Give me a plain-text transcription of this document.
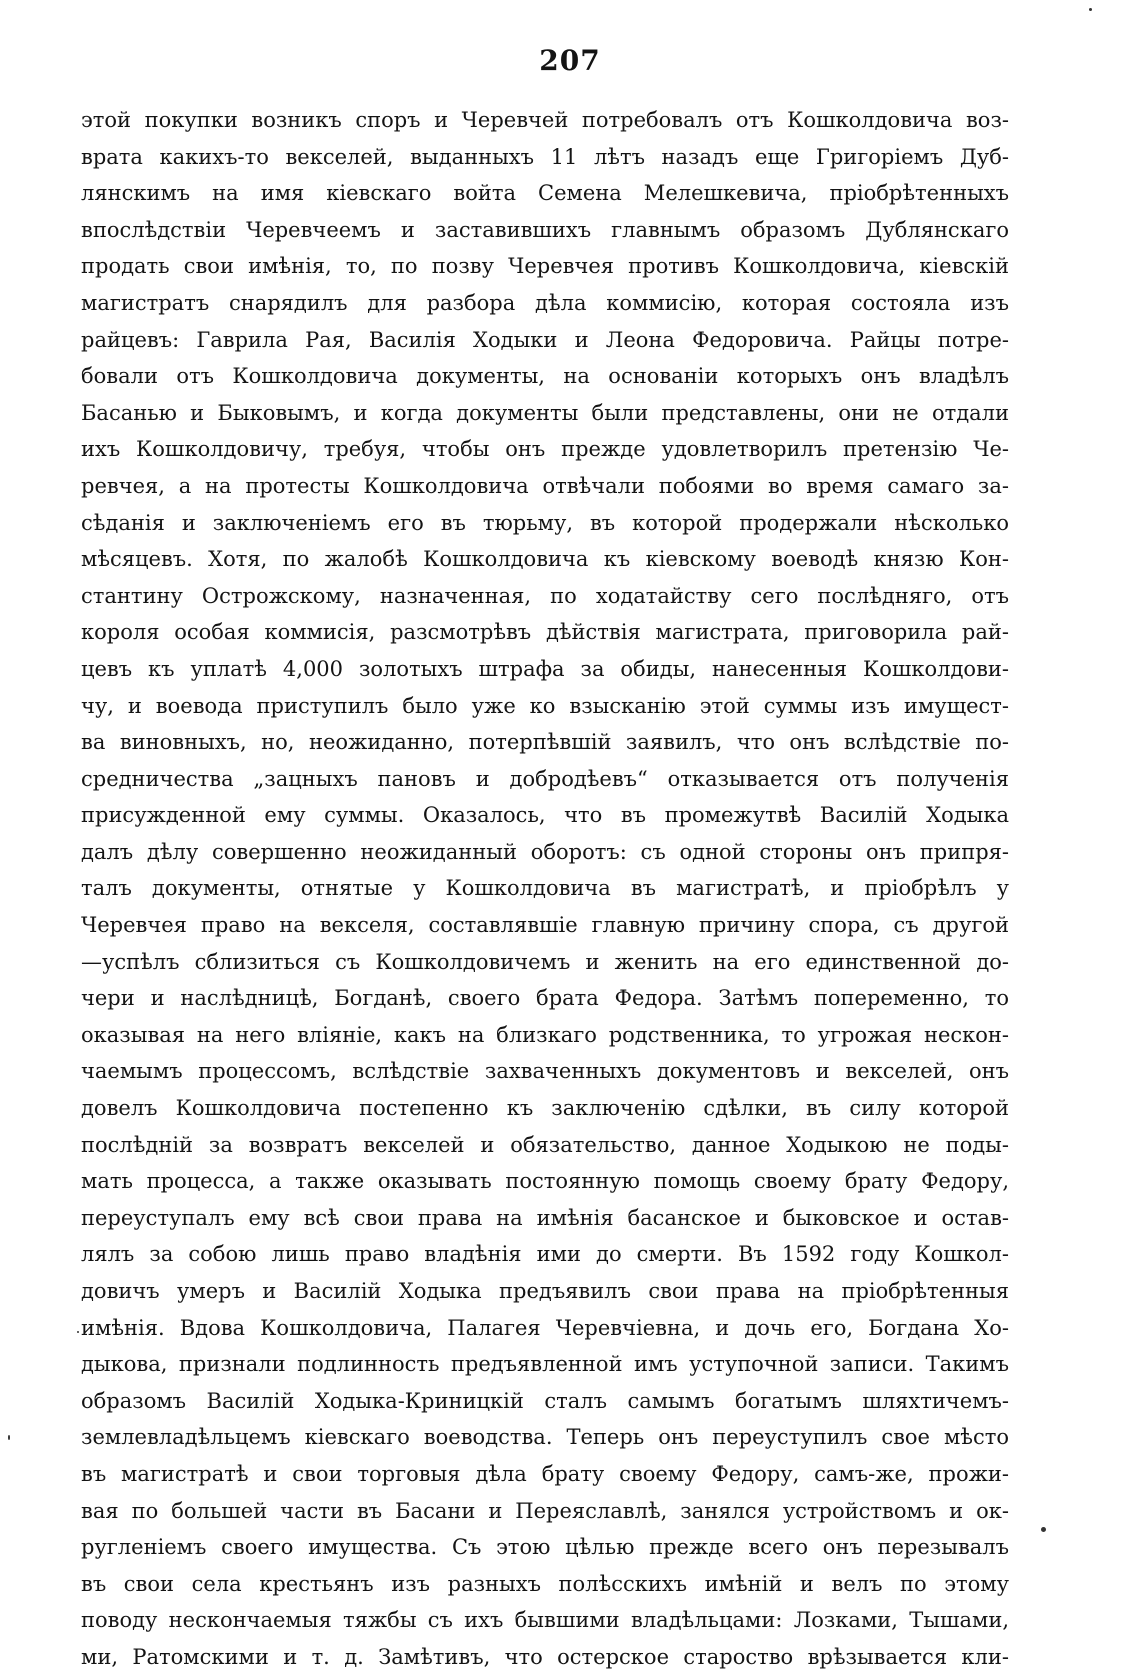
207
этой покупки возникъ споръ и Черевчей потребовалъ отъ Кошколдовича воз-
врата какихъ-то векселей, выданныхъ 11 лѣтъ назадъ еще Григоріемъ Дуб-
лянскимъ на имя кіевскаго войта Семена Мелешкевича, пріобрѣтенныхъ
впослѣдствіи Черевчеемъ и заставившихъ главнымъ образомъ Дублянскаго
продать свои имѣнія, то, по позву Черевчея противъ Кошколдовича, кіевскій
магистратъ снарядилъ для разбора дѣла коммисію, которая состояла изъ
райцевъ: Гаврила Рая, Василія Ходыки и Леона Федоровича. Райцы потре-
бовали отъ Кошколдовича документы, на основаніи которыхъ онъ владѣлъ
Басанью и Быковымъ, и когда документы были представлены, они не отдали
ихъ Кошколдовичу, требуя, чтобы онъ прежде удовлетворилъ претензію Че-
ревчея, а на протесты Кошколдовича отвѣчали побоями во время самаго за-
сѣданія и заключеніемъ его въ тюрьму, въ которой продержали нѣсколько
мѣсяцевъ. Хотя, по жалобѣ Кошколдовича къ кіевскому воеводѣ князю Кон-
стантину Острожскому, назначенная, по ходатайству сего послѣдняго, отъ
короля особая коммисія, разсмотрѣвъ дѣйствія магистрата, приговорила рай-
цевъ къ уплатѣ 4,000 золотыхъ штрафа за обиды, нанесенныя Кошколдови-
чу, и воевода приступилъ было уже ко взысканію этой суммы изъ имущест-
ва виновныхъ, но, неожиданно, потерпѣвшій заявилъ, что онъ вслѣдствіе по-
средничества „зацныхъ пановъ и добродѣевъ“ отказывается отъ полученія
присужденной ему суммы. Оказалось, что въ промежутвѣ Василій Ходыка
далъ дѣлу совершенно неожиданный оборотъ: съ одной стороны онъ припря-
талъ документы, отнятые у Кошколдовича въ магистратѣ, и пріобрѣлъ у
Черевчея право на векселя, составлявшіе главную причину спора, съ другой
—успѣлъ сблизиться съ Кошколдовичемъ и женить на его единственной до-
чери и наслѣдницѣ, Богданѣ, своего брата Федора. Затѣмъ попеременно, то
оказывая на него вліяніе, какъ на близкаго родственника, то угрожая нескон-
чаемымъ процессомъ, вслѣдствіе захваченныхъ документовъ и векселей, онъ
довелъ Кошколдовича постепенно къ заключенію сдѣлки, въ силу которой
послѣдній за возвратъ векселей и обязательство, данное Ходыкою не поды-
мать процесса, а также оказывать постоянную помощь своему брату Федору,
переуступалъ ему всѣ свои права на имѣнія басанское и быковское и остав-
лялъ за собою лишь право владѣнія ими до смерти. Въ 1592 году Кошкол-
довичъ умеръ и Василій Ходыка предъявилъ свои права на пріобрѣтенныя
имѣнія. Вдова Кошколдовича, Палагея Черевчіевна, и дочь его, Богдана Хо-
дыкова, признали подлинность предъявленной имъ уступочной записи. Такимъ
образомъ Василій Ходыка-Криницкій сталъ самымъ богатымъ шляхтичемъ-
землевладѣльцемъ кіевскаго воеводства. Теперь онъ переуступилъ свое мѣсто
въ магистратѣ и свои торговыя дѣла брату своему Федору, самъ-же, прожи-
вая по большей части въ Басани и Переяславлѣ, занялся устройствомъ и ок-
ругленіемъ своего имущества. Съ этою цѣлью прежде всего онъ перезывалъ
въ свои села крестьянъ изъ разныхъ полѣсскихъ имѣній и велъ по этому
поводу нескончаемыя тяжбы съ ихъ бывшими владѣльцами: Лозками, Тышами,
ми, Ратомскими и т. д. Замѣтивъ, что остерское староство врѣзывается кли-
